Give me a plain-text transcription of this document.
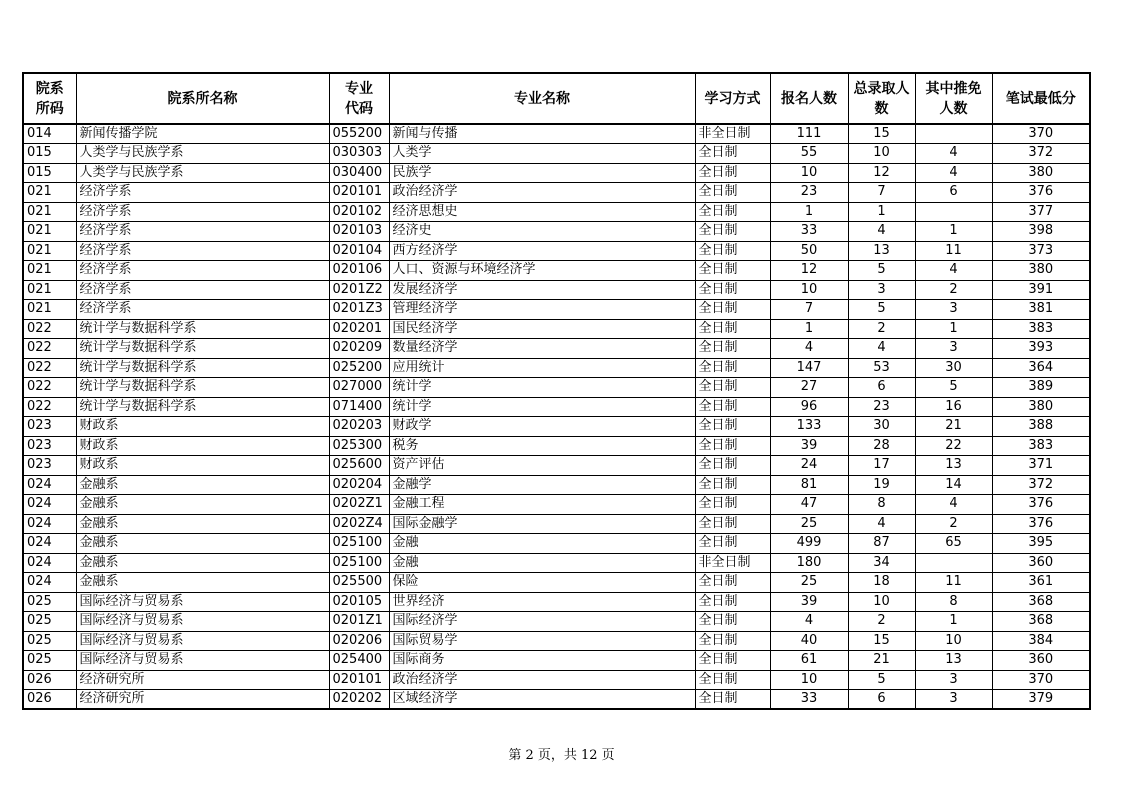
院系所码	院系所名称	专业代码	专业名称	学习方式	报名人数	总录取人数	其中推免人数	笔试最低分
014	新闻传播学院	055200	新闻与传播	非全日制	111	15		370
015	人类学与民族学系	030303	人类学	全日制	55	10	4	372
015	人类学与民族学系	030400	民族学	全日制	10	12	4	380
021	经济学系	020101	政治经济学	全日制	23	7	6	376
021	经济学系	020102	经济思想史	全日制	1	1		377
021	经济学系	020103	经济史	全日制	33	4	1	398
021	经济学系	020104	西方经济学	全日制	50	13	11	373
021	经济学系	020106	人口、资源与环境经济学	全日制	12	5	4	380
021	经济学系	0201Z2	发展经济学	全日制	10	3	2	391
021	经济学系	0201Z3	管理经济学	全日制	7	5	3	381
022	统计学与数据科学系	020201	国民经济学	全日制	1	2	1	383
022	统计学与数据科学系	020209	数量经济学	全日制	4	4	3	393
022	统计学与数据科学系	025200	应用统计	全日制	147	53	30	364
022	统计学与数据科学系	027000	统计学	全日制	27	6	5	389
022	统计学与数据科学系	071400	统计学	全日制	96	23	16	380
023	财政系	020203	财政学	全日制	133	30	21	388
023	财政系	025300	税务	全日制	39	28	22	383
023	财政系	025600	资产评估	全日制	24	17	13	371
024	金融系	020204	金融学	全日制	81	19	14	372
024	金融系	0202Z1	金融工程	全日制	47	8	4	376
024	金融系	0202Z4	国际金融学	全日制	25	4	2	376
024	金融系	025100	金融	全日制	499	87	65	395
024	金融系	025100	金融	非全日制	180	34		360
024	金融系	025500	保险	全日制	25	18	11	361
025	国际经济与贸易系	020105	世界经济	全日制	39	10	8	368
025	国际经济与贸易系	0201Z1	国际经济学	全日制	4	2	1	368
025	国际经济与贸易系	020206	国际贸易学	全日制	40	15	10	384
025	国际经济与贸易系	025400	国际商务	全日制	61	21	13	360
026	经济研究所	020101	政治经济学	全日制	10	5	3	370
026	经济研究所	020202	区域经济学	全日制	33	6	3	379
第 2 页，共 12 页
